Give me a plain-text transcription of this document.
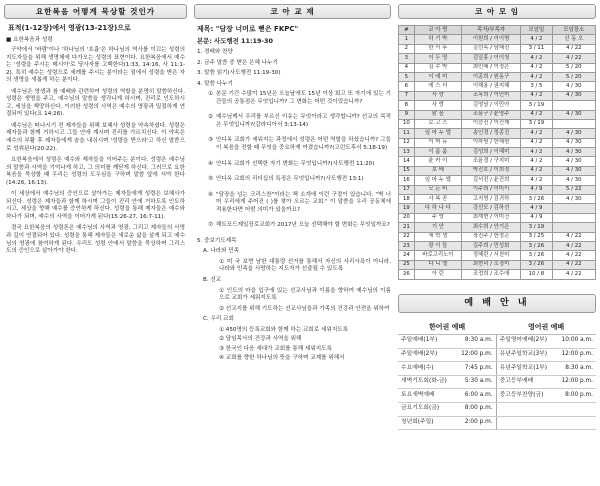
요한복음 어떻게 묵상할 것인가
표적(1-12장)에서 영광(13-21장)으로
■ 요한복음과 성령
구약에서 '바람'이나 '하나님의 '호흡'은 하나님의 역사를 이끄는 성령의 지도자들을 위해 생명체에 다가오는 성령의 표현이다. 요한복음에서 예수는 '성령을 주시는 메시아'로 당사자를 고백한다(1:33, 14:16, 사 11:1-2). 특히 예수는 성령으로 세례를 주시는 분이라는 점에서 성령을 받은 자의 생명을 새롭게 하는 분이다.
예수님은 영생과 참 예배와 관련하여 성령의 역할을 분명히 말씀하신다. 성령은 생명을 주고, 예수님의 말씀을 생각나게 하시며, 진리로 인도하시고, 세상을 책망하신다. 이러한 성령의 사역은 예수의 영광과 밀접하게 연결되어 있다(요 14:26).
예수님은 떠나시기 전 제자들을 위해 보혜사 성령을 약속하셨다. 성령은 제자들과 함께 거하시고 그들 안에 계시며 진리를 가르치신다. 이 약속은 예수의 부활 후 제자들에게 숨을 내쉬시며 '성령을 받으라'고 하신 말씀으로 성취된다(20:22).
요한복음에서 성령은 예수와 제자들을 이어주는 분이다. 성령은 예수님의 말씀과 사역을 기억나게 하고, 그 의미를 깨닫게 하신다. 그러므로 요한복음을 묵상할 때 우리는 성령의 도우심을 구하며 말씀 앞에 서야 한다(14:26, 16:13).
이 세상에서 예수님의 증인으로 살아가는 제자들에게 성령은 보혜사가 되신다. 성령은 제자들과 함께 하시며 그들이 진리 안에 거하도록 인도하시고, 세상을 향해 예수를 증언하게 하신다. 성령을 통해 제자들은 예수와 하나가 되며, 예수의 사역을 이어가게 된다(15:26-27, 16:7-11).
결국 요한복음의 성령론은 예수님의 사역과 영광, 그리고 제자들의 사명과 깊이 연결되어 있다. 성령을 통해 제자들은 새로운 삶을 살게 되고 예수님의 영광에 참여하게 된다. 우리도 성령 안에서 말씀을 묵상하며 그리스도의 증인으로 살아가야 한다.
코 아 교 재
제목: "담장 너머로 뻗은 FKPC"
본문: 사도행전 11:19-30
1. 경배와 찬양
2. 금주 말씀 중 받은 은혜 나누기
3. 말씀 읽기(사도행전 11:19-30)
4. 말씀 나누기
① 본문 기간 수많이 15년은 오늘날에도 15년 이상 회고 또 자기에 있는 기간들의 공통점은 무엇입니까? 그 변화는 어떤 것이었습니까?
② 예수님께서 우리를 부르신 이유는 무엇이라고 생각합니까? 선교의 목적은 무엇입니까?(갈라디아서 3:13-14)
③ 안디옥 교회가 세워지는 과정에서 성령은 어떤 역할을 하셨습니까? 그들이 복음을 전할 때 무엇을 중요하게 여겼습니까?(고린도후서 5:18-19)
④ 안디옥 교회가 선택한 자기 변화는 무엇입니까?(사도행전 11:20)
⑤ 안디옥 교회의 리더십의 특징은 무엇입니까?(사도행전 13:1)
⑥ "담장을 넘는 크리스찬"이라는 책 소개에 이런 구절이 있습니다. "벽 너머 우리에게 주어진 ( )를 찾아 오르는 교회." 이 말씀을 우리 공동체에 적용한다면 어떤 의미가 있을까요?
⑦ 해트포드제일장로교회가 2017년 오늘 선택해야 할 변화는 무엇일까요?
5. 중보기도제목
A. 나라와 민족
① 미 국 보면 남한 대통령 선거를 통해서 자신의 사리사욕이 아니라, 나라와 민족을 사랑하는 지도자가 선출될 수 있도록
B. 선교
① 인도의 마을 입구에 있는 선교사님과 이름을 향하여 예수님의 이름으로 교회가 세워지도록
② 선교지를 위해 기도하는 선교사님들과 가족의 건강과 안전을 위하여
C. 우리 교회
① 450명의 등록교회와 함께 하는 교회로 세워지도록
② 담임목사의 건강과 사역을 위해
③ 한국인 다음 세대가 교회를 통해 세워지도록
④ 교회를 향한 하나님의 뜻을 구하며 교제를 위해서
코 아 모 임
#	코 아 명	목자/부목자	모임일	모임장소
1	하 기 박	이원희 / 이이명	4 / 2	신 동 오
2	한 이 후	김선옥 / 남혜진	3 / 11	4 / 22
3	이 두 영	김일홍 / 이이청	4 / 2	4 / 22
4	김 수 박	최민혜 / 이정은	4 / 2	5 / 20
5	이 애 미	이종희 / 원동구	4 / 2	5 / 20
6	에 스 더	이해용 / 권지혜	3 / 5	4 / 30
7	사 랑	조옥희 / 이민미	4 / 2	4 / 30
8	사 랑	김영남 / 이민아	3 / 19	
9	맑 음	조용구 / 윤영주	4 / 2	4 / 30
10	로 고 스	이승진 / 이건재	3 / 19	
11	임 마 누 엘	송인경 / 정종진	4 / 2	4 / 30
12	이 머 뉴	이하원 / 한혜원	4 / 2	4 / 30
13	이 룸 룸	김성희 / 이혜미	4 / 2	4 / 30
14	윤 카 이	조윤경 / 구지미	4 / 2	4 / 30
15	보 배	박진호 / 이희경	4 / 2	4 / 30
16	임 마 누 엘	김서진 / 윤진희	4 / 2	4 / 30
17	모 든 비	이주희 / 이미이	4 / 9	5 / 22
18	사 복 곧	고지명 / 김귀하	3 / 26	4 / 30
19	다 하 나 다	강선모 / 김하선	4 / 9	
20	주 랑	최재현 / 이미건	4 / 9	
21	기 안	최수희 / 안기은	3 / 19	
22	새 학 생	장진주 / 한정곤	3 / 25	4 / 22
23	광 이 들	김주희 / 민성회	3 / 26	4 / 22
24	바로고리노이	정혜린 / 서천미	3 / 26	4 / 22
25	다 니 엘	최현덕 / 소경미	3 / 26	4 / 22
26	아 린	조정희 / 조수애	10 / 8	4 / 22
예 배 안 내
한어권 예배		영어권 예배	
주일예배(1부)	8:30 a.m.	주일영어예배(2부)	10:00 a.m.
주일예배(2부)	12:00 p.m.	유년주일학교(3부)	12:00 p.m.
수요예배(수)	7:45 p.m.	유년주일학교(1부)	8:30 a.m.
새벽기도회(화-금)	5:30 a.m.	중고등부예배	12:00 p.m.
토요새벽예배	6:00 a.m.	중고등부찬양(금)	8:00 p.m.
금요기도회(금)	8:00 p.m.		
청년회(주일)	2:00 p.m.		
